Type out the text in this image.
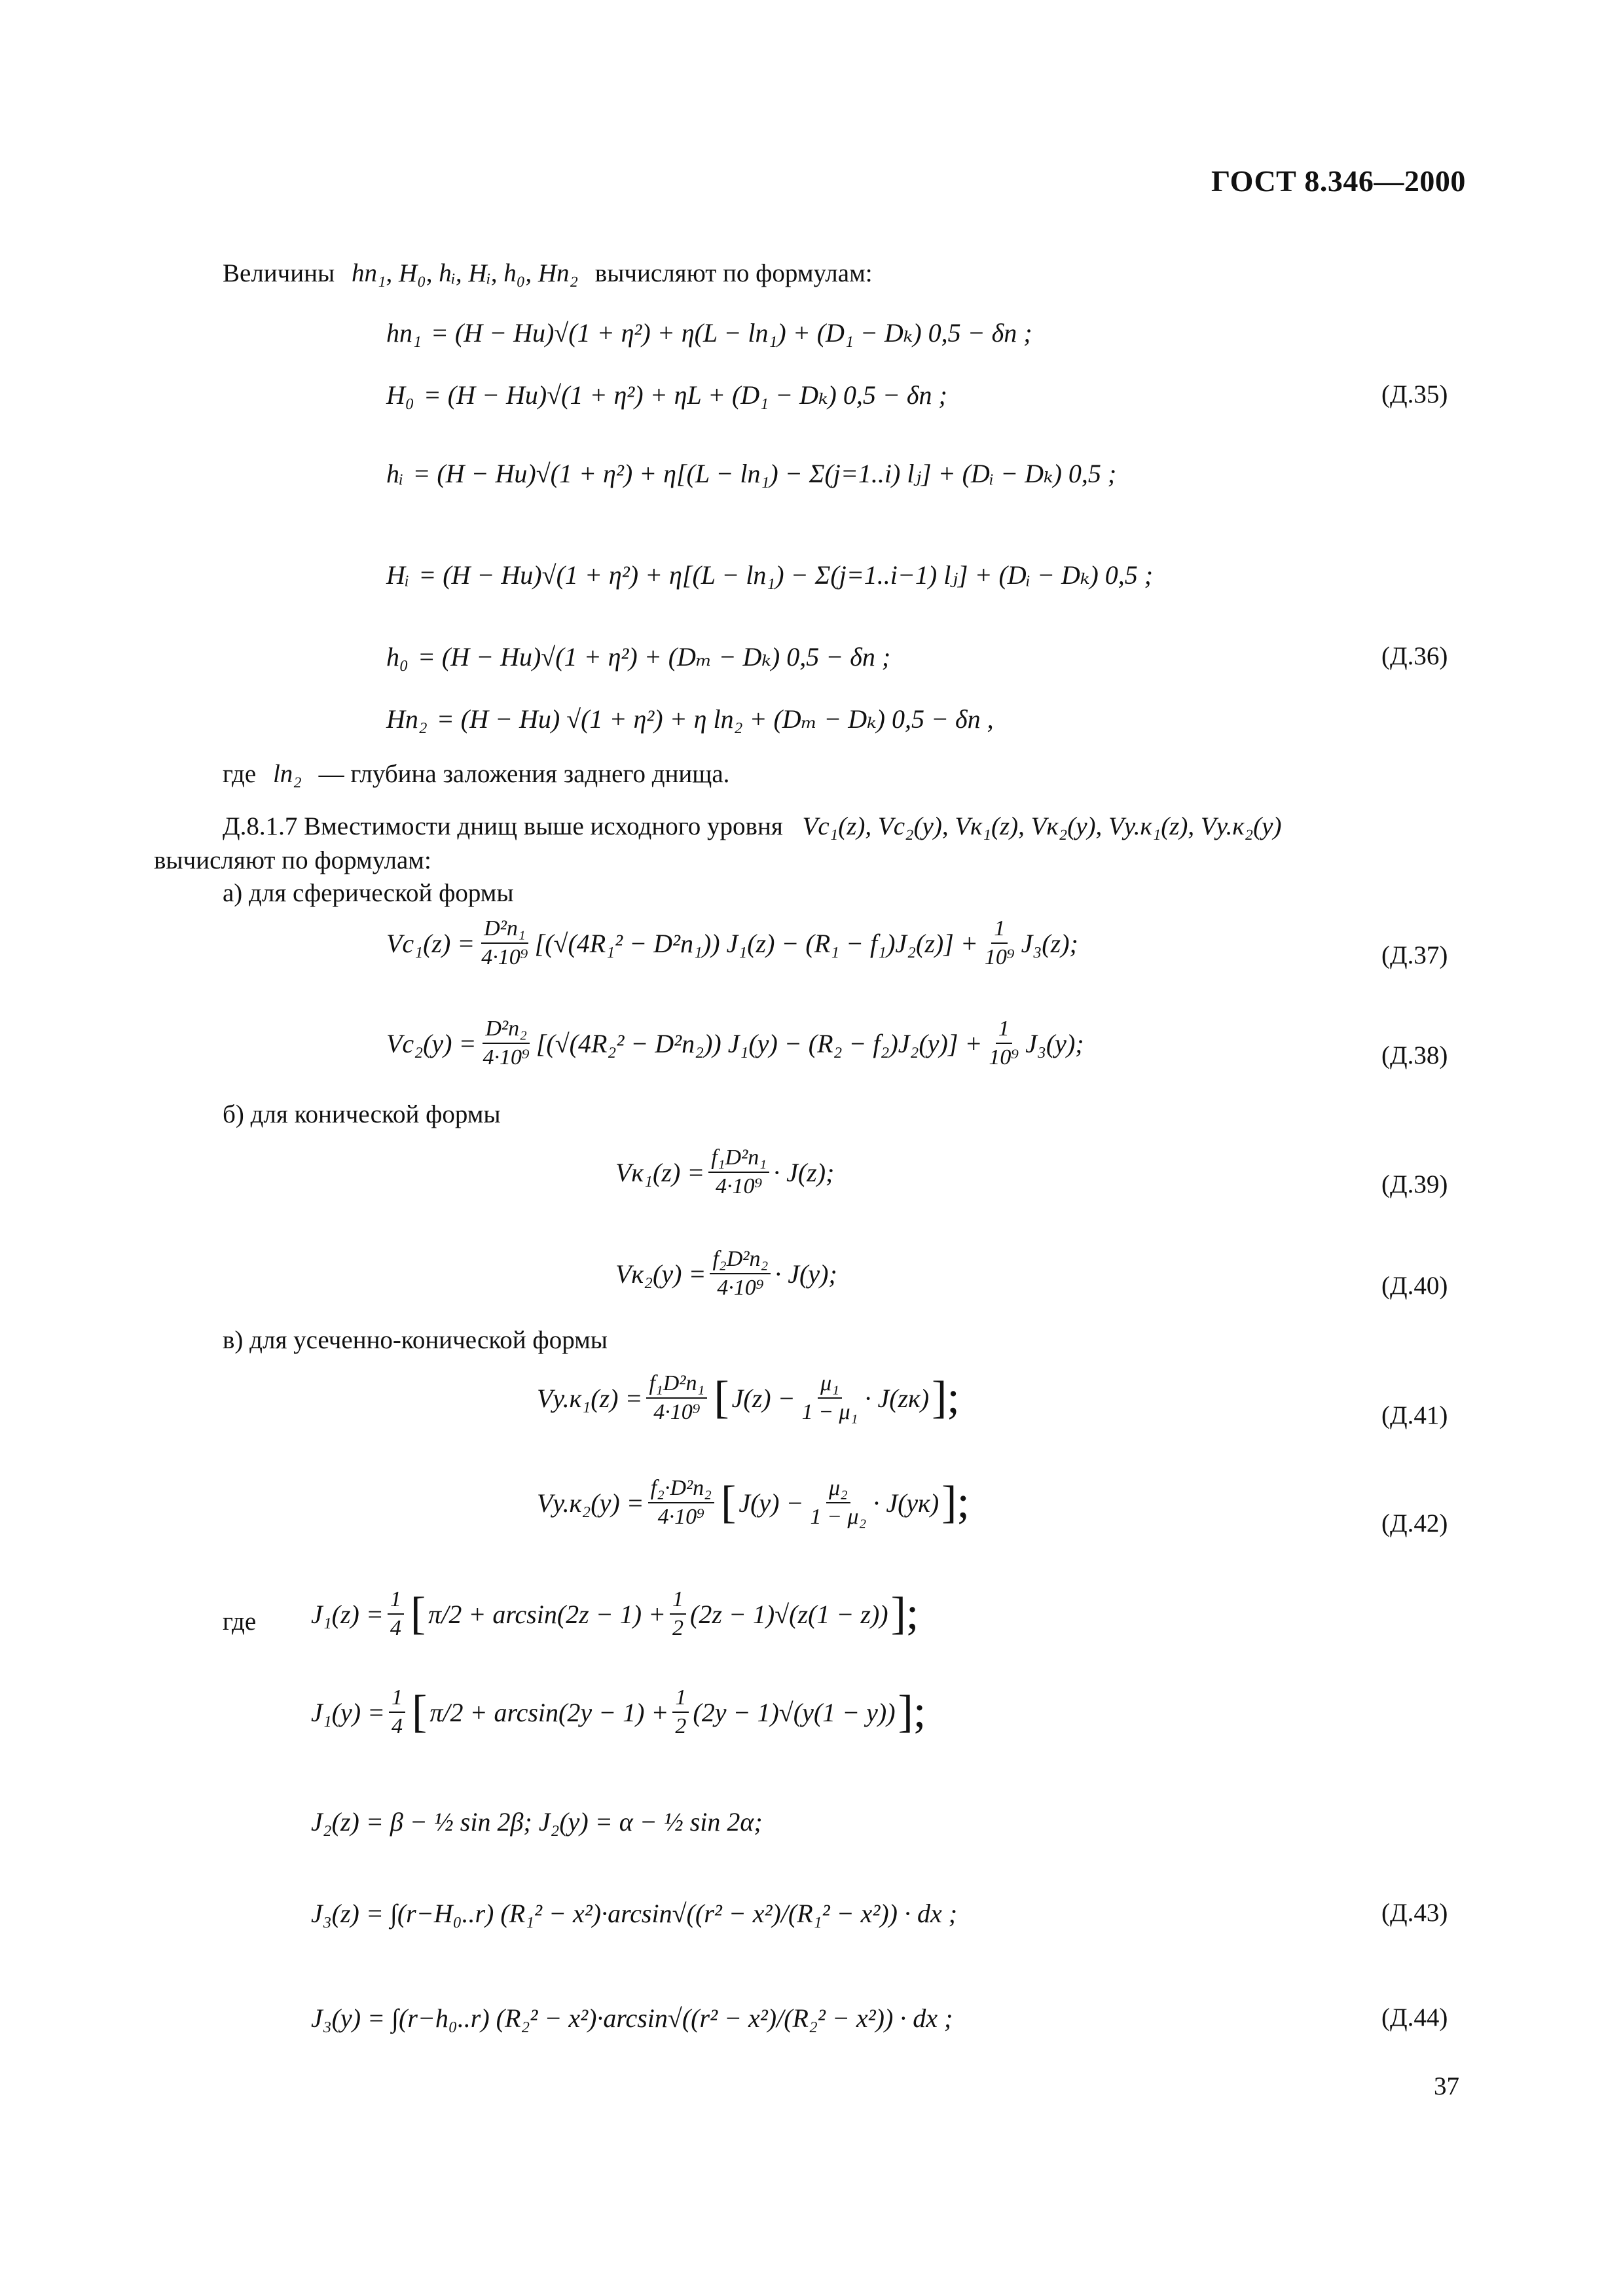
ГОСТ 8.346—2000
Величины hп₁, H₀, hᵢ, Hᵢ, h₀, Hп₂ вычисляют по формулам:
hп₁ = (H − Hи)√(1 + η²) + η(L − lп₁) + (D₁ − Dₖ) 0,5 − δп ;
H₀ = (H − Hи)√(1 + η²) + ηL + (D₁ − Dₖ) 0,5 − δп ;	(Д.35)
hᵢ = (H − Hи)√(1 + η²) + η[(L − lп₁) − Σ(j=1..i) lⱼ] + (Dᵢ − Dₖ) 0,5 ;
Hᵢ = (H − Hи)√(1 + η²) + η[(L − lп₁) − Σ(j=1..i−1) lⱼ] + (Dᵢ − Dₖ) 0,5 ;
h₀ = (H − Hи)√(1 + η²) + (Dₘ − Dₖ) 0,5 − δп ;	(Д.36)
Hп₂ = (H − Hи) √(1 + η²) + η lп₂ + (Dₘ − Dₖ) 0,5 − δп ,
где lп₂ — глубина заложения заднего днища.
Д.8.1.7 Вместимости днищ выше исходного уровня Vс₁(z), Vс₂(y), Vк₁(z), Vк₂(y), Vу.к₁(z), Vу.к₂(y)
вычисляют по формулам:
а) для сферической формы
$Vс_1(z) = \frac{\text{D²п₁}}{\text{4·10⁹}} [(√(4R_1^2 - D^2п_1)) J_1(z) - (R_1 - f_1)J_2(z)] + \frac{1}{\text{10⁹}} J_3(z)$;	(Д.37)
$Vс_2(y) = \frac{\text{D²п₂}}{\text{4·10⁹}} [(√(4R_2^2 - D^2п_2)) J_1(y) - (R_2 - f_2)J_2(y)] + \frac{1}{\text{10⁹}} J_3(y)$;	(Д.38)
б) для конической формы
$Vк_1(z) = \frac{\text{f₁D²п₁}}{\text{4·10⁹}} \cdot J(z)$;	(Д.39)
$Vк_2(y) = \frac{\text{f₂D²п₂}}{\text{4·10⁹}} \cdot J(y)$;	(Д.40)
в) для усеченно-конической формы
$Vу.к_1(z) = \frac{\text{f₁D²п₁}}{\text{4·10⁹}}$ [ $J(z) - \frac{\text{μ₁}}{\text{1 − μ₁}} \cdot J(zк)$ ];	(Д.41)
$Vу.к_2(y) = \frac{\text{f₂·D²п₂}}{\text{4·10⁹}}$ [ $J(y) - \frac{\text{μ₂}}{\text{1 − μ₂}} \cdot J(yк)$ ];	(Д.42)
где $J_1(z) = \frac{1}{4}$ [ $\pi/2 + \arcsin(2z - 1) + \frac{1}{2} (2z - 1)√(z(1 - z))$ ];
$J_1(y) = \frac{1}{4}$ [ $\pi/2 + \arcsin(2y - 1) + \frac{1}{2} (2y - 1)√(y(1 - y))$ ];
J₂(z) = β − ½ sin 2β; J₂(y) = α − ½ sin 2α;
J₃(z) = ∫(r−H₀..r) (R₁² − x²)·arcsin√((r² − x²)/(R₁² − x²)) · dx ;	(Д.43)
J₃(y) = ∫(r−h₀..r) (R₂² − x²)·arcsin√((r² − x²)/(R₂² − x²)) · dx ;	(Д.44)
37
